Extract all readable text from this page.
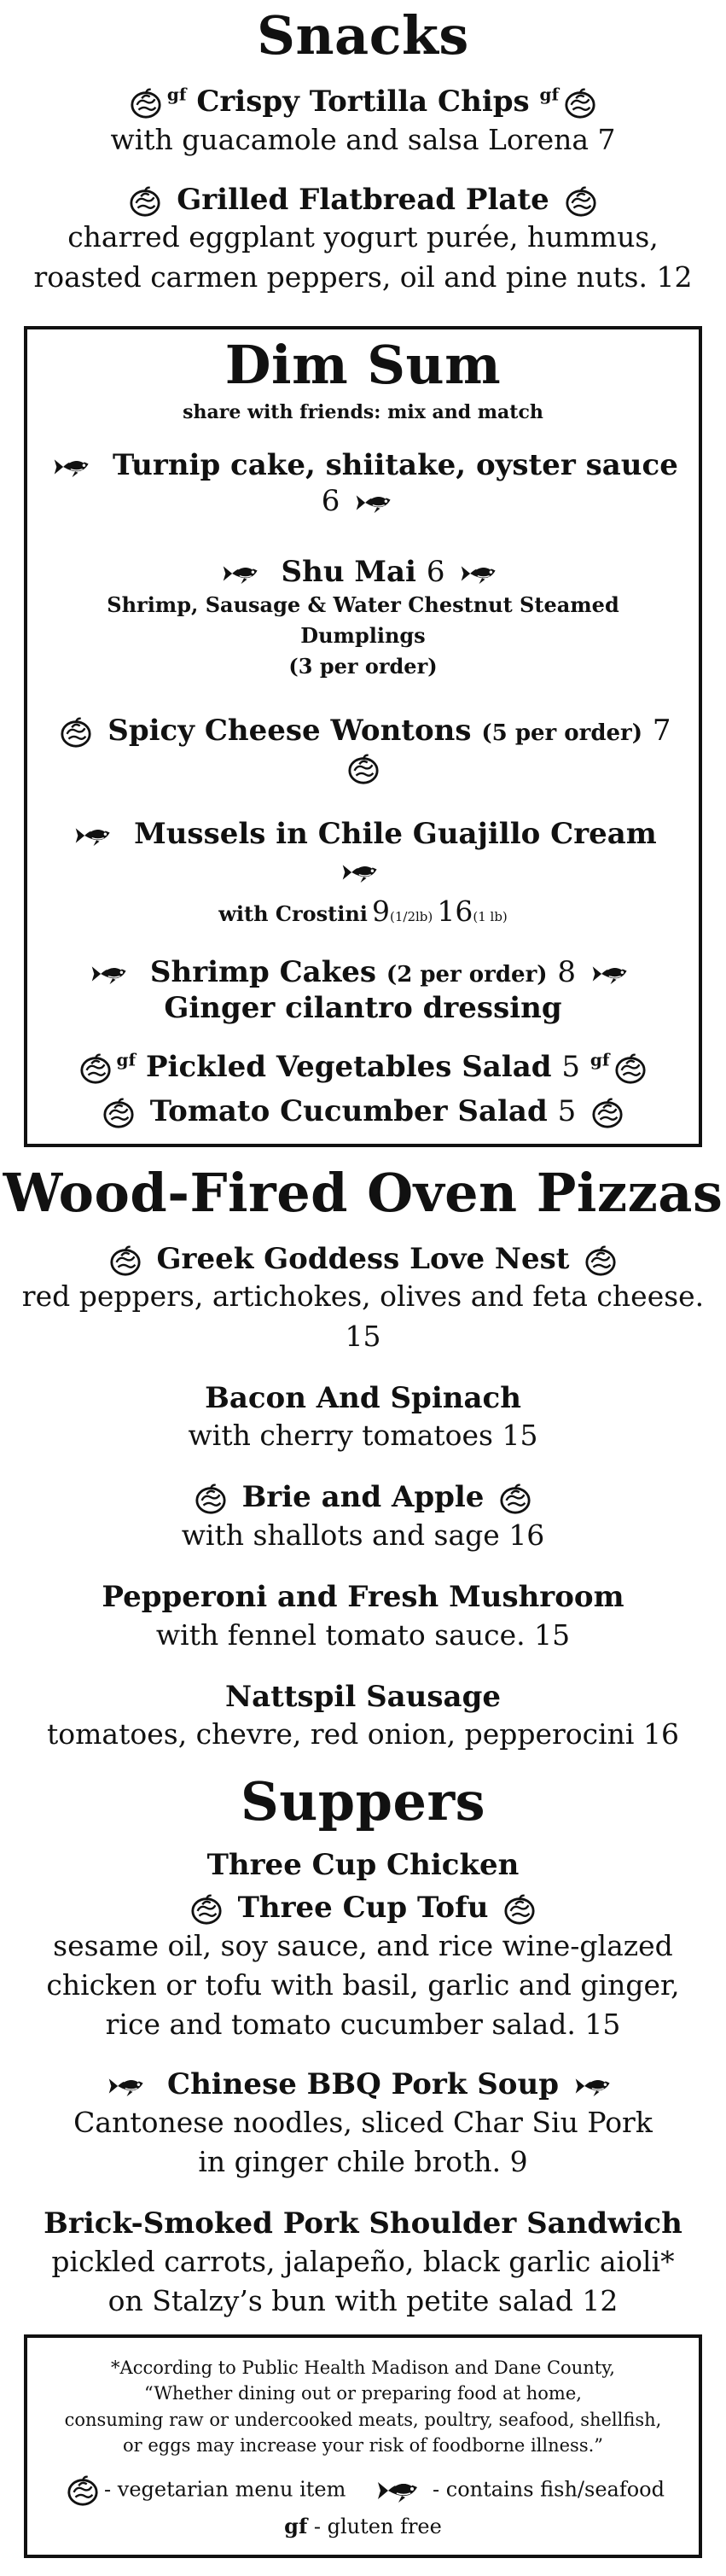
Snacks
$^{gf}$ Crispy Tortilla Chips $^{gf}$
with guacamole and salsa Lorena 7
Grilled Flatbread Plate
charred eggplant yogurt purée, hummus,
roasted carmen peppers, oil and pine nuts. 12
Dim Sum
share with friends: mix and match
Turnip cake, shiitake, oyster sauce 6
Shu Mai 6
Shrimp, Sausage & Water Chestnut Steamed Dumplings
(3 per order)
Spicy Cheese Wontons (5 per order) 7
Mussels in Chile Guajillo Cream
with Crostini 9(1/2lb) 16(1 lb)
Shrimp Cakes (2 per order) 8
Ginger cilantro dressing
$^{gf}$ Pickled Vegetables Salad 5 $^{gf}$
Tomato Cucumber Salad 5
Wood-Fired Oven Pizzas
Greek Goddess Love Nest
red peppers, artichokes, olives and feta cheese. 15
Bacon And Spinach
with cherry tomatoes 15
Brie and Apple
with shallots and sage 16
Pepperoni and Fresh Mushroom
with fennel tomato sauce. 15
Nattspil Sausage
tomatoes, chevre, red onion, pepperocini 16
Suppers
Three Cup Chicken
Three Cup Tofu
sesame oil, soy sauce, and rice wine-glazed
chicken or tofu with basil, garlic and ginger,
rice and tomato cucumber salad. 15
Chinese BBQ Pork Soup
Cantonese noodles, sliced Char Siu Pork
in ginger chile broth. 9
Brick-Smoked Pork Shoulder Sandwich
pickled carrots, jalapeño, black garlic aioli*
on Stalzy’s bun with petite salad 12
*According to Public Health Madison and Dane County,
“Whether dining out or preparing food at home,
consuming raw or undercooked meats, poultry, seafood, shellfish,
or eggs may increase your risk of foodborne illness.”
- vegetarian menu item	- contains fish/seafood
gf - gluten free
